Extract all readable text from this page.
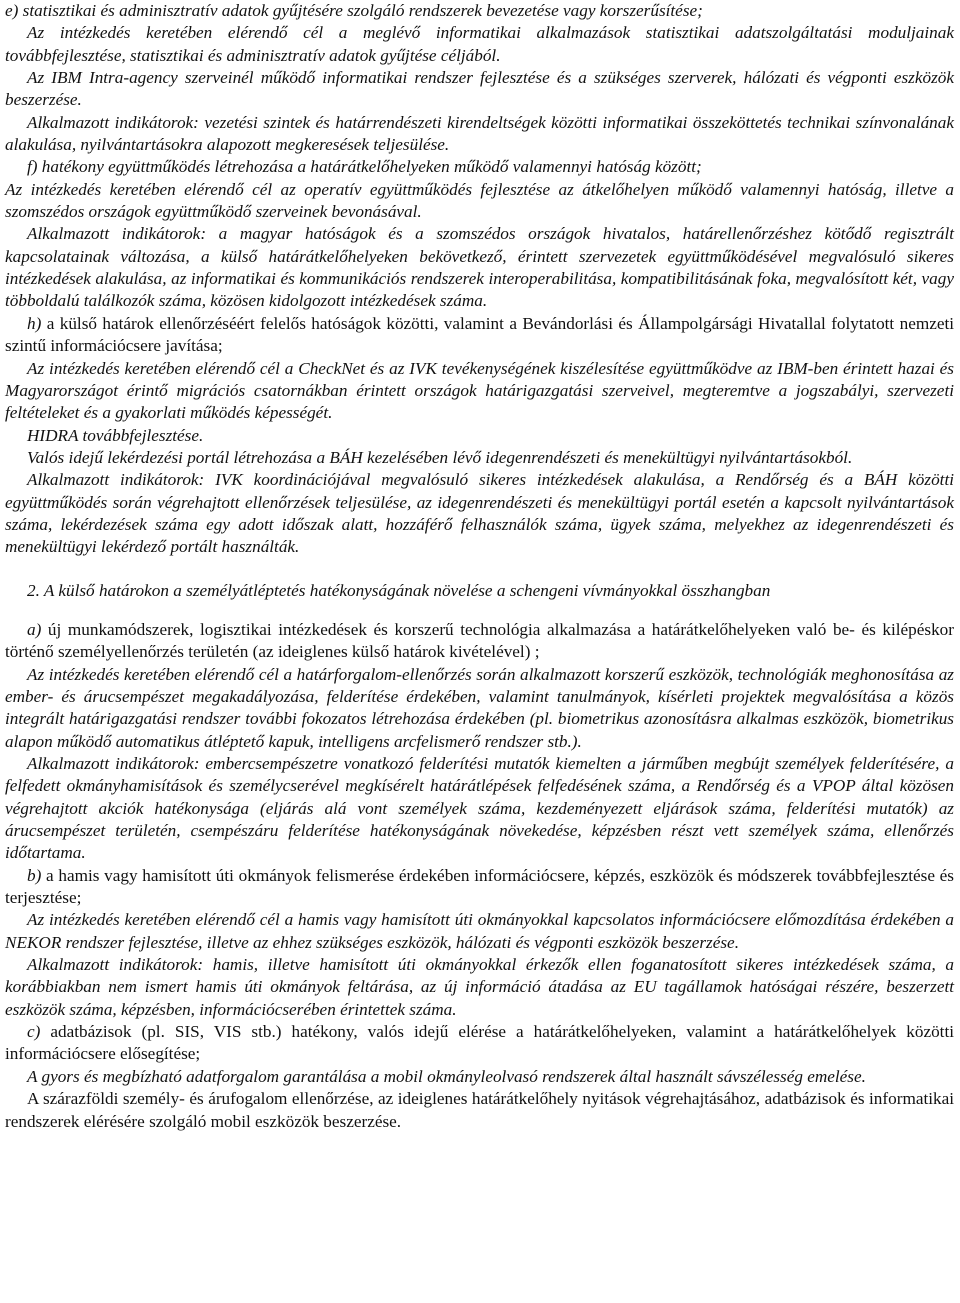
e) statisztikai és adminisztratív adatok gyűjtésére szolgáló rendszerek bevezetése vagy korszerűsítése;

Az intézkedés keretében elérendő cél a meglévő informatikai alkalmazások statisztikai adatszolgáltatási moduljainak továbbfejlesztése, statisztikai és adminisztratív adatok gyűjtése céljából.

Az IBM Intra-agency szerveinél működő informatikai rendszer fejlesztése és a szükséges szerverek, hálózati és végponti eszközök beszerzése.

Alkalmazott indikátorok: vezetési szintek és határrendészeti kirendeltségek közötti informatikai összeköttetés technikai színvonalának alakulása, nyilvántartásokra alapozott megkeresések teljesülése.

f) hatékony együttműködés létrehozása a határátkelőhelyeken működő valamennyi hatóság között;

Az intézkedés keretében elérendő cél az operatív együttműködés fejlesztése az átkelőhelyen működő valamennyi hatóság, illetve a szomszédos országok együttműködő szerveinek bevonásával.

Alkalmazott indikátorok: a magyar hatóságok és a szomszédos országok hivatalos, határellenőrzéshez kötődő regisztrált kapcsolatainak változása, a külső határátkelőhelyeken bekövetkező, érintett szervezetek együttműködésével megvalósuló sikeres intézkedések alakulása, az informatikai és kommunikációs rendszerek interoperabilitása, kompatibilitásának foka, megvalósított két, vagy többoldalú találkozók száma, közösen kidolgozott intézkedések száma.

h) a külső határok ellenőrzéséért felelős hatóságok közötti, valamint a Bevándorlási és Állampolgársági Hivatallal folytatott nemzeti szintű információcsere javítása;

Az intézkedés keretében elérendő cél a CheckNet és az IVK tevékenységének kiszélesítése együttműködve az IBM-ben érintett hazai és Magyarországot érintő migrációs csatornákban érintett országok határigazgatási szerveivel, megteremtve a jogszabályi, szervezeti feltételeket és a gyakorlati működés képességét.

HIDRA továbbfejlesztése.

Valós idejű lekérdezési portál létrehozása a BÁH kezelésében lévő idegenrendészeti és menekültügyi nyilvántartásokból.

Alkalmazott indikátorok: IVK koordinációjával megvalósuló sikeres intézkedések alakulása, a Rendőrség és a BÁH közötti együttműködés során végrehajtott ellenőrzések teljesülése, az idegenrendészeti és menekültügyi portál esetén a kapcsolt nyilvántartások száma, lekérdezések száma egy adott időszak alatt, hozzáférő felhasználók száma, ügyek száma, melyekhez az idegenrendészeti és menekültügyi lekérdező portált használták.

2. A külső határokon a személyátléptetés hatékonyságának növelése a schengeni vívmányokkal összhangban

a) új munkamódszerek, logisztikai intézkedések és korszerű technológia alkalmazása a határátkelőhelyeken való be- és kilépéskor történő személyellenőrzés területén (az ideiglenes külső határok kivételével) ;

Az intézkedés keretében elérendő cél a határforgalom-ellenőrzés során alkalmazott korszerű eszközök, technológiák meghonosítása az ember- és árucsempészet megakadályozása, felderítése érdekében, valamint tanulmányok, kísérleti projektek megvalósítása a közös integrált határigazgatási rendszer további fokozatos létrehozása érdekében (pl. biometrikus azonosításra alkalmas eszközök, biometrikus alapon működő automatikus átléptető kapuk, intelligens arcfelismerő rendszer stb.).

Alkalmazott indikátorok: embercsempészetre vonatkozó felderítési mutatók kiemelten a járműben megbújt személyek felderítésére, a felfedett okmányhamisítások és személycserével megkísérelt határátlépések felfedésének száma, a Rendőrség és a VPOP által közösen végrehajtott akciók hatékonysága (eljárás alá vont személyek száma, kezdeményezett eljárások száma, felderítési mutatók) az árucsempészet területén, csempészáru felderítése hatékonyságának növekedése, képzésben részt vett személyek száma, ellenőrzés időtartama.

b) a hamis vagy hamisított úti okmányok felismerése érdekében információcsere, képzés, eszközök és módszerek továbbfejlesztése és terjesztése;

Az intézkedés keretében elérendő cél a hamis vagy hamisított úti okmányokkal kapcsolatos információcsere előmozdítása érdekében a NEKOR rendszer fejlesztése, illetve az ehhez szükséges eszközök, hálózati és végponti eszközök beszerzése.

Alkalmazott indikátorok: hamis, illetve hamisított úti okmányokkal érkezők ellen foganatosított sikeres intézkedések száma, a korábbiakban nem ismert hamis úti okmányok feltárása, az új információ átadása az EU tagállamok hatóságai részére, beszerzett eszközök száma, képzésben, információcserében érintettek száma.

c) adatbázisok (pl. SIS, VIS stb.) hatékony, valós idejű elérése a határátkelőhelyeken, valamint a határátkelőhelyek közötti információcsere elősegítése;

A gyors és megbízható adatforgalom garantálása a mobil okmányleolvasó rendszerek által használt sávszélesség emelése.

A szárazföldi személy- és árufogalom ellenőrzése, az ideiglenes határátkelőhely nyitások végrehajtásához, adatbázisok és informatikai rendszerek elérésére szolgáló mobil eszközök beszerzése.
